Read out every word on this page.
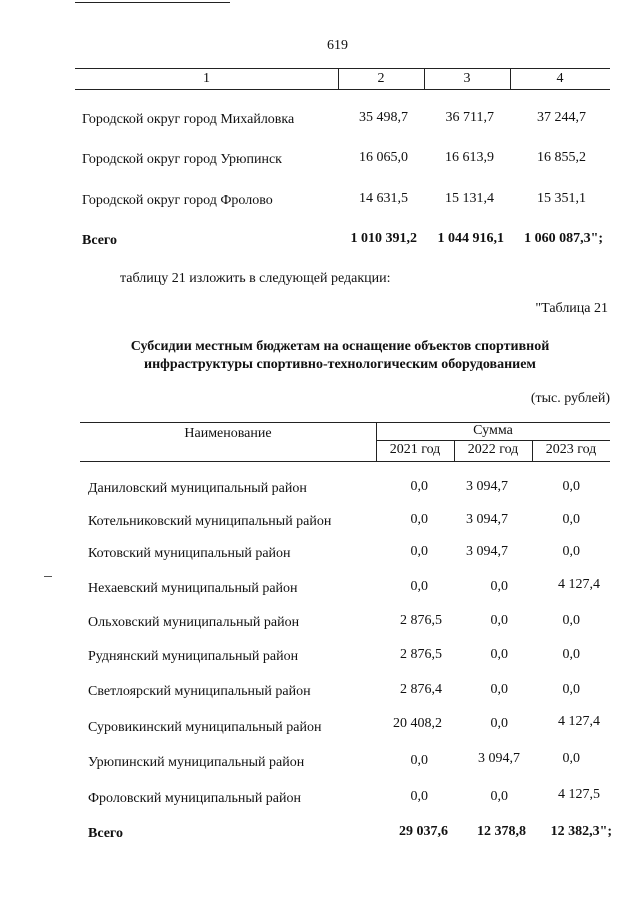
619
1	2	3	4
Городской округ город Михайловка	35 498,7	36 711,7	37 244,7
Городской округ город Урюпинск	16 065,0	16 613,9	16 855,2
Городской округ город Фролово	14 631,5	15 131,4	15 351,1
Всего	1 010 391,2	1 044 916,1	1 060 087,3";
таблицу 21 изложить в следующей редакции:
"Таблица 21
Субсидии местным бюджетам на оснащение объектов спортивной
инфраструктуры спортивно-технологическим оборудованием
(тыс. рублей)
Наименование	Сумма
2021 год	2022 год	2023 год
Даниловский муниципальный район	0,0	3 094,7	0,0
Котельниковский муниципальный район	0,0	3 094,7	0,0
Котовский муниципальный район	0,0	3 094,7	0,0
Нехаевский муниципальный район	0,0	0,0	4 127,4
Ольховский муниципальный район	2 876,5	0,0	0,0
Руднянский муниципальный район	2 876,5	0,0	0,0
Светлоярский муниципальный район	2 876,4	0,0	0,0
Суровикинский муниципальный район	20 408,2	0,0	4 127,4
Урюпинский муниципальный район	0,0	3 094,7	0,0
Фроловский муниципальный район	0,0	0,0	4 127,5
Всего	29 037,6	12 378,8	12 382,3";
